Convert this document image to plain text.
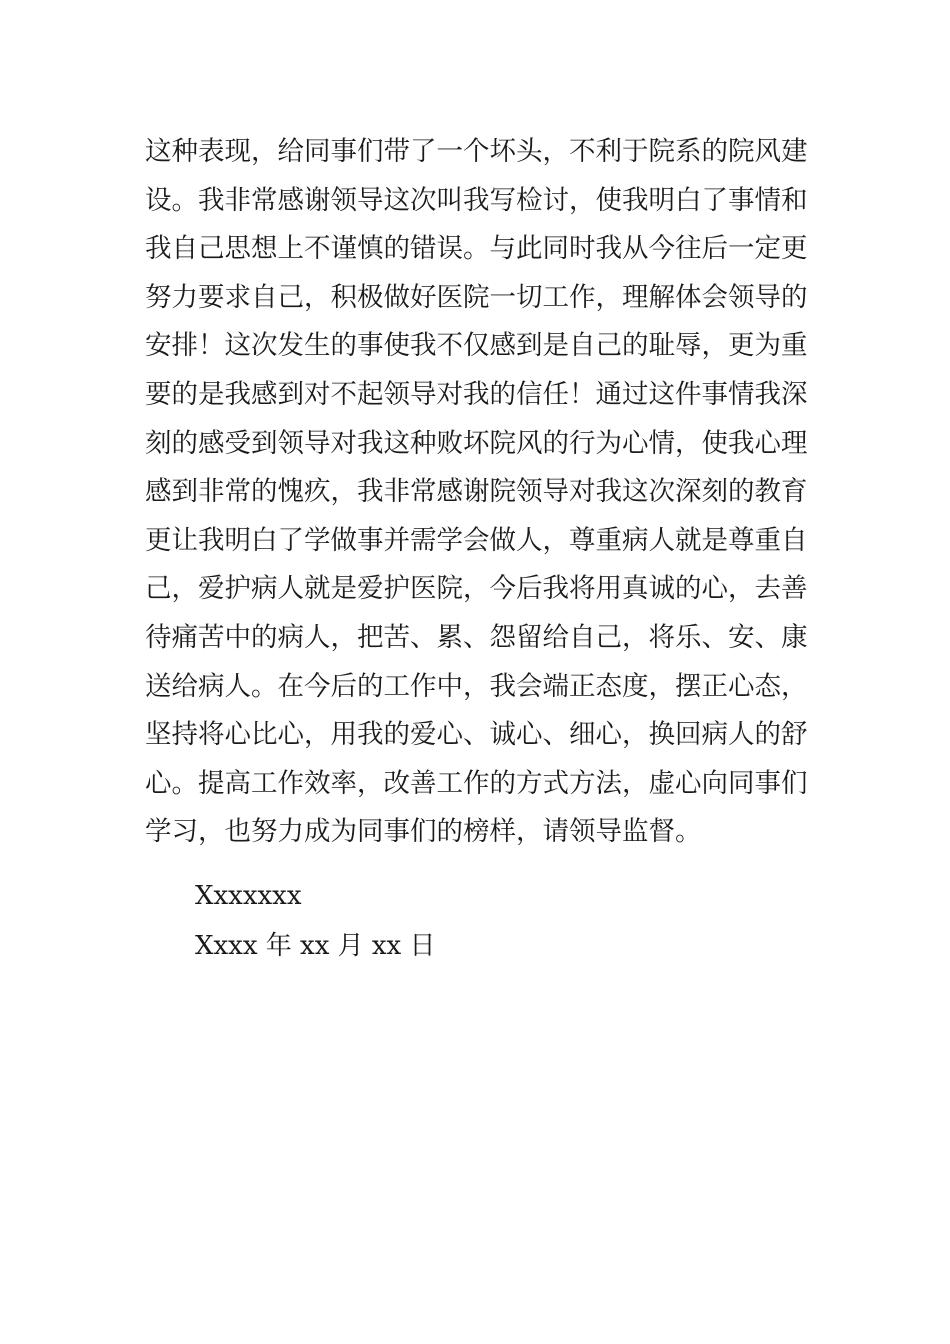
这种表现，给同事们带了一个坏头，不利于院系的院风建
设。我非常感谢领导这次叫我写检讨，使我明白了事情和
我自己思想上不谨慎的错误。与此同时我从今往后一定更
努力要求自己，积极做好医院一切工作，理解体会领导的
安排！这次发生的事使我不仅感到是自己的耻辱，更为重
要的是我感到对不起领导对我的信任！通过这件事情我深
刻的感受到领导对我这种败坏院风的行为心情，使我心理
感到非常的愧疚，我非常感谢院领导对我这次深刻的教育
更让我明白了学做事并需学会做人，尊重病人就是尊重自
己，爱护病人就是爱护医院，今后我将用真诚的心，去善
待痛苦中的病人，把苦、累、怨留给自己，将乐、安、康
送给病人。在今后的工作中，我会端正态度，摆正心态，
坚持将心比心，用我的爱心、诚心、细心，换回病人的舒
心。提高工作效率，改善工作的方式方法，虚心向同事们
学习，也努力成为同事们的榜样，请领导监督。
Xxxxxxx
Xxxx 年 xx 月 xx 日
